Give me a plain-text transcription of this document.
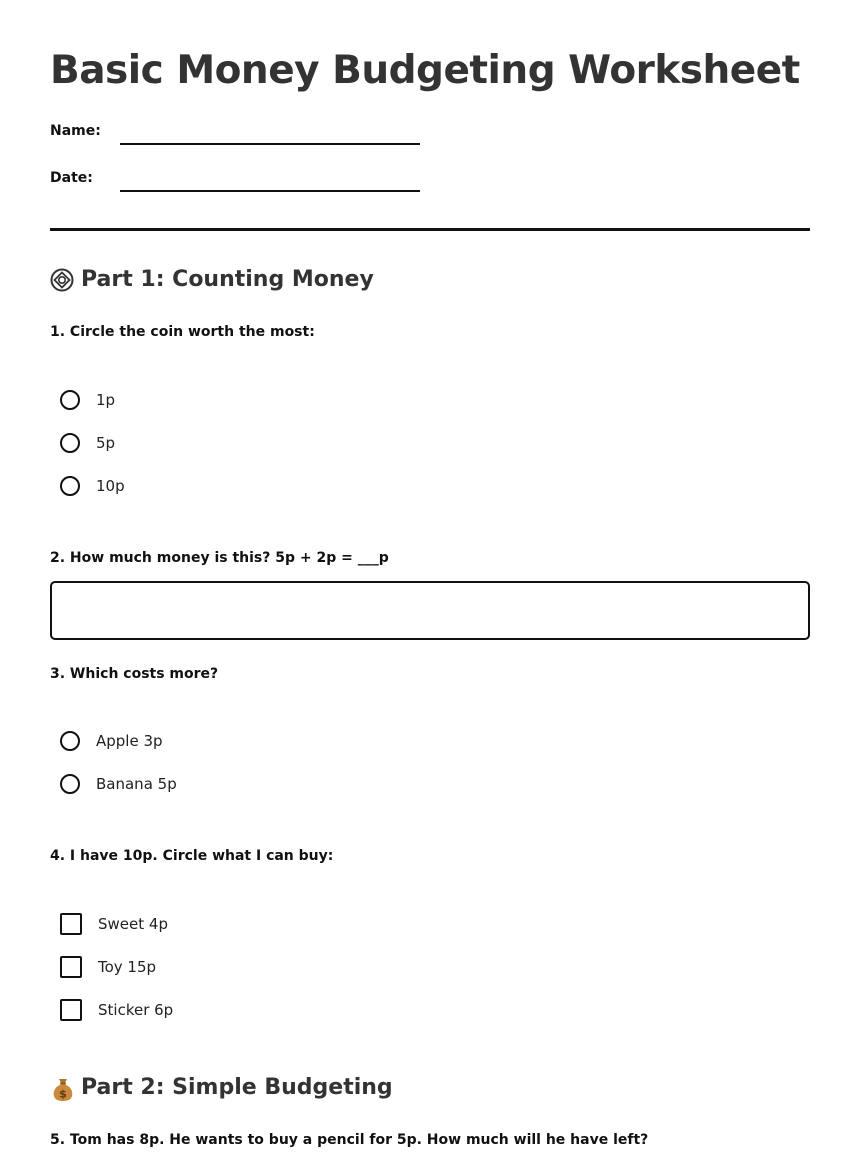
Basic Money Budgeting Worksheet
Name:
Date:
Part 1: Counting Money
1. Circle the coin worth the most:
1p
5p
10p
2. How much money is this? 5p + 2p = ___p
3. Which costs more?
Apple 3p
Banana 5p
4. I have 10p. Circle what I can buy:
Sweet 4p
Toy 15p
Sticker 6p
$ Part 2: Simple Budgeting
5. Tom has 8p. He wants to buy a pencil for 5p. How much will he have left?
